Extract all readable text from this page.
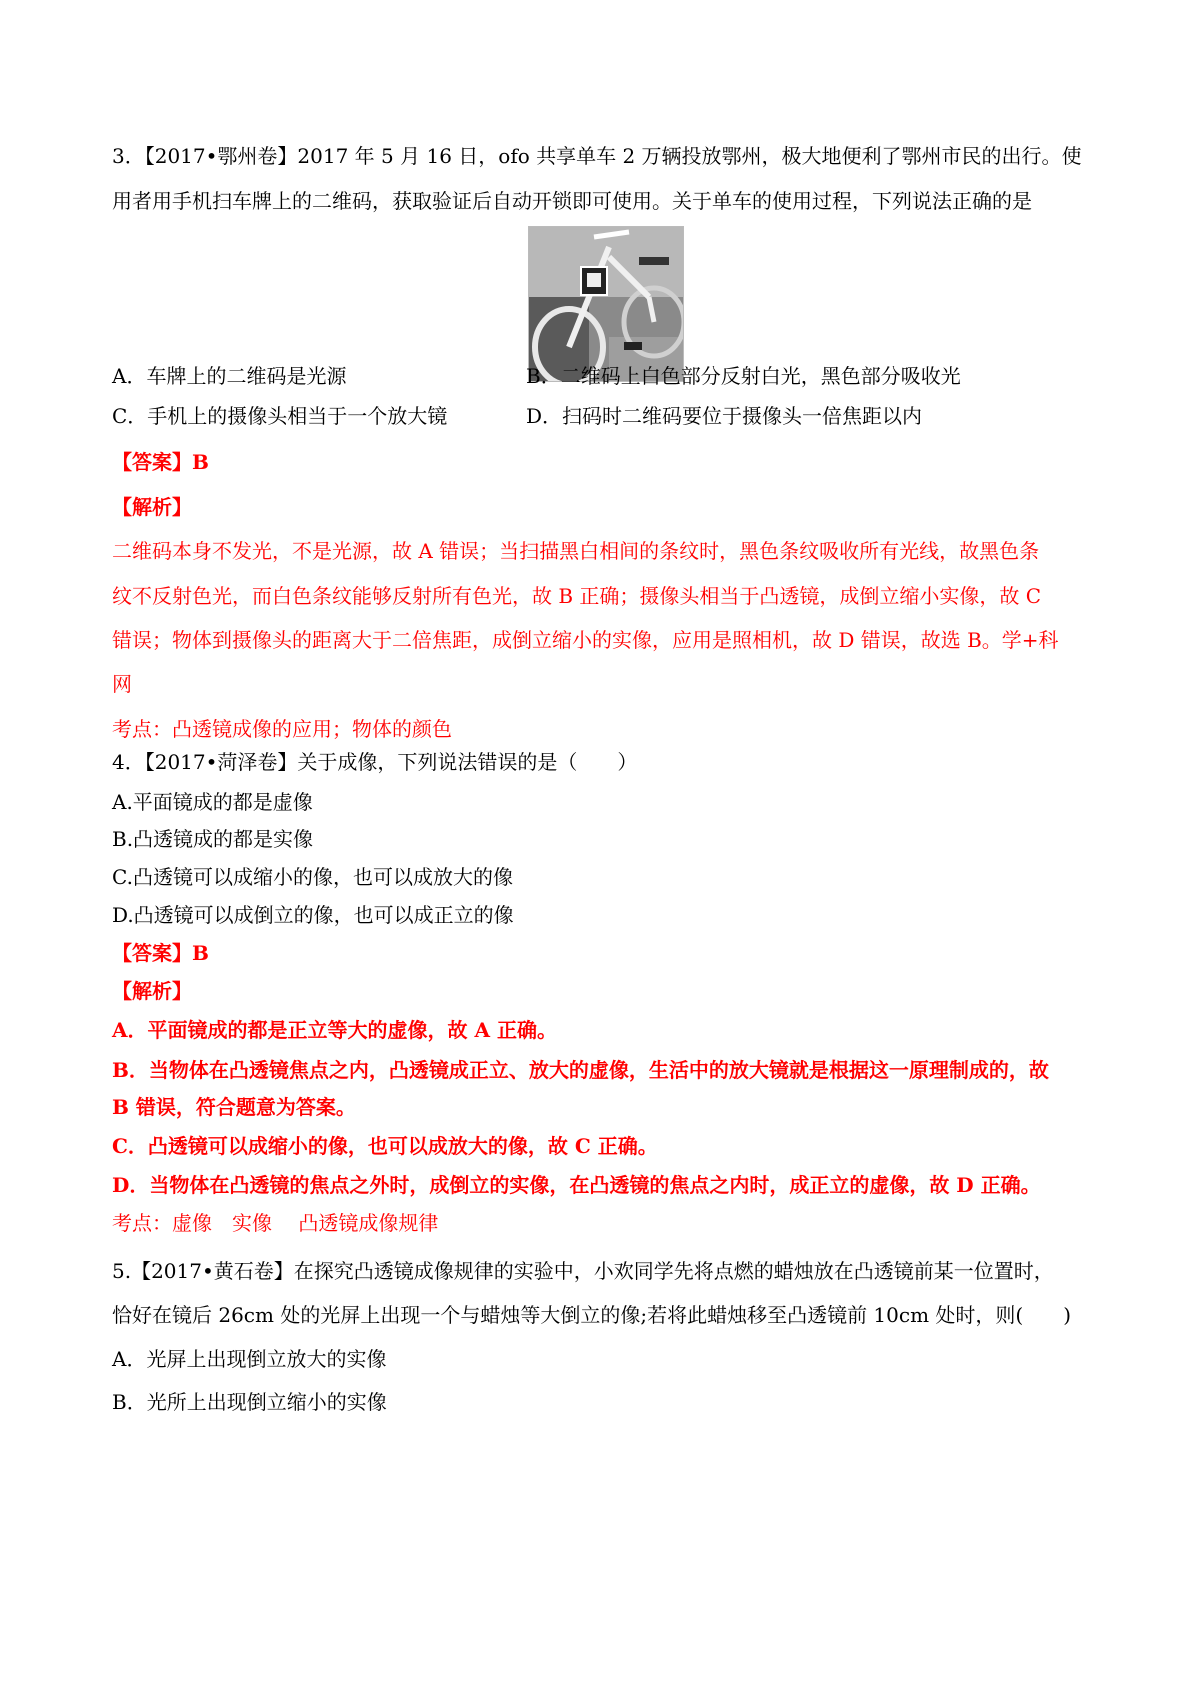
3．【2017•鄂州卷】2017 年 5 月 16 日，ofo 共享单车 2 万辆投放鄂州，极大地便利了鄂州市民的出行。使
用者用手机扫车牌上的二维码，获取验证后自动开锁即可使用。关于单车的使用过程，下列说法正确的是
A．车牌上的二维码是光源	B．二维码上白色部分反射白光，黑色部分吸收光
C．手机上的摄像头相当于一个放大镜	D．扫码时二维码要位于摄像头一倍焦距以内
【答案】B
【解析】
二维码本身不发光，不是光源，故 A 错误；当扫描黑白相间的条纹时，黑色条纹吸收所有光线，故黑色条
纹不反射色光，而白色条纹能够反射所有色光，故 B 正确；摄像头相当于凸透镜，成倒立缩小实像，故 C
错误；物体到摄像头的距离大于二倍焦距，成倒立缩小的实像，应用是照相机，故 D 错误，故选 B。学+科
网
考点：凸透镜成像的应用；物体的颜色
4．【2017•菏泽卷】关于成像，下列说法错误的是（　　）
A.平面镜成的都是虚像
B.凸透镜成的都是实像
C.凸透镜可以成缩小的像，也可以成放大的像
D.凸透镜可以成倒立的像，也可以成正立的像
【答案】B
【解析】
A．平面镜成的都是正立等大的虚像，故 A 正确。
B．当物体在凸透镜焦点之内，凸透镜成正立、放大的虚像，生活中的放大镜就是根据这一原理制成的，故
B 错误，符合题意为答案。
C．凸透镜可以成缩小的像，也可以成放大的像，故 C 正确。
D．当物体在凸透镜的焦点之外时，成倒立的实像，在凸透镜的焦点之内时，成正立的虚像，故 D 正确。
考点：虚像　实像　 凸透镜成像规律
5.【2017•黄石卷】在探究凸透镜成像规律的实验中，小欢同学先将点燃的蜡烛放在凸透镜前某一位置时，
恰好在镜后 26cm 处的光屏上出现一个与蜡烛等大倒立的像;若将此蜡烛移至凸透镜前 10cm 处时，则(　　)
A．光屏上出现倒立放大的实像
B．光所上出现倒立缩小的实像
